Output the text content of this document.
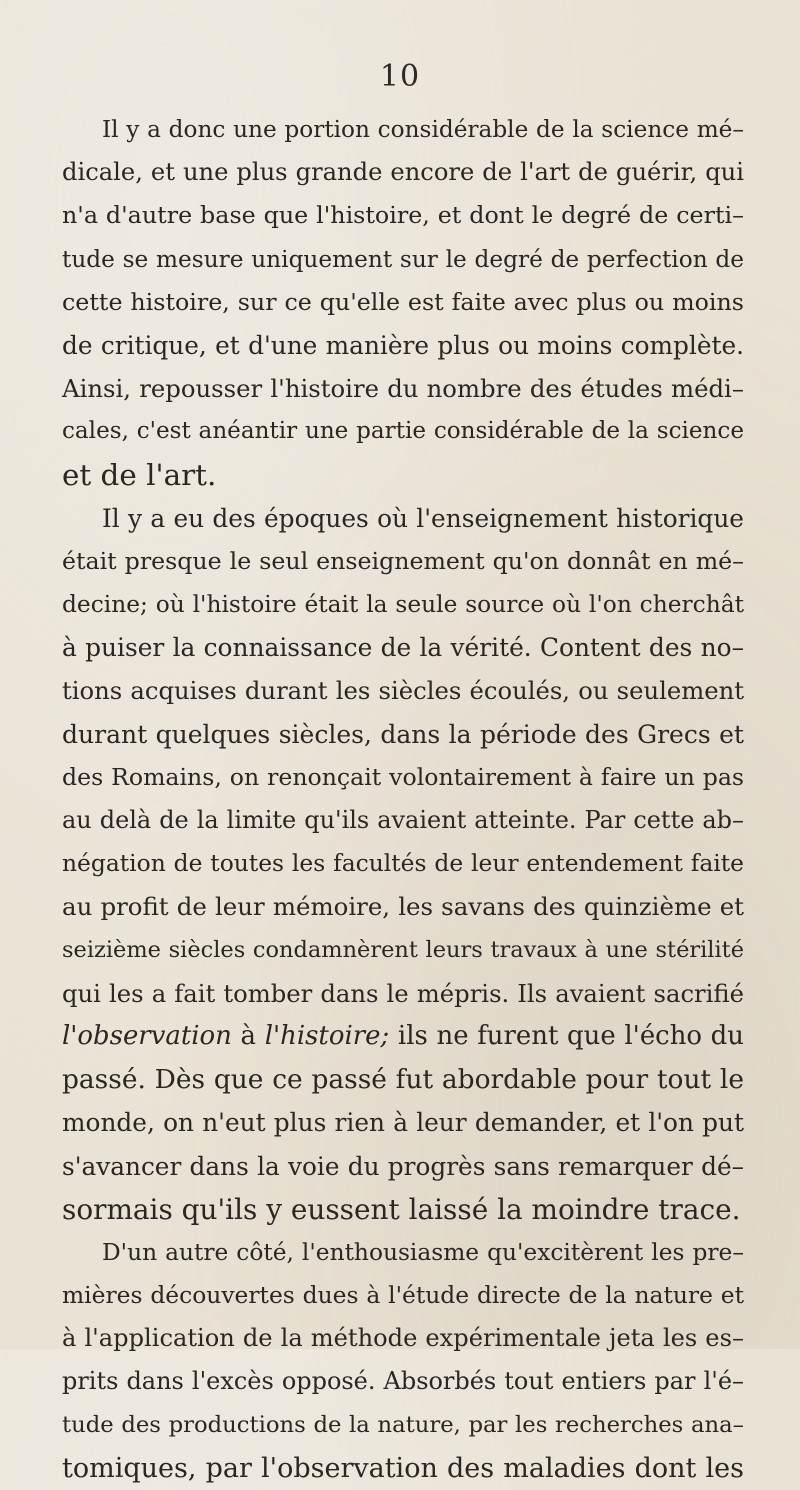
10
Il y a donc une portion considérable de la science mé–
dicale, et une plus grande encore de l'art de guérir, qui
n'a d'autre base que l'histoire, et dont le degré de certi–
tude se mesure uniquement sur le degré de perfection de
cette histoire, sur ce qu'elle est faite avec plus ou moins
de critique, et d'une manière plus ou moins complète.
Ainsi, repousser l'histoire du nombre des études médi–
cales, c'est anéantir une partie considérable de la science
et de l'art.
Il y a eu des époques où l'enseignement historique
était presque le seul enseignement qu'on donnât en mé–
decine; où l'histoire était la seule source où l'on cherchât
à puiser la connaissance de la vérité. Content des no–
tions acquises durant les siècles écoulés, ou seulement
durant quelques siècles, dans la période des Grecs et
des Romains, on renonçait volontairement à faire un pas
au delà de la limite qu'ils avaient atteinte. Par cette ab–
négation de toutes les facultés de leur entendement faite
au profit de leur mémoire, les savans des quinzième et
seizième siècles condamnèrent leurs travaux à une stérilité
qui les a fait tomber dans le mépris. Ils avaient sacrifié
l'observation à l'histoire; ils ne furent que l'écho du
passé. Dès que ce passé fut abordable pour tout le
monde, on n'eut plus rien à leur demander, et l'on put
s'avancer dans la voie du progrès sans remarquer dé–
sormais qu'ils y eussent laissé la moindre trace.
D'un autre côté, l'enthousiasme qu'excitèrent les pre–
mières découvertes dues à l'étude directe de la nature et
à l'application de la méthode expérimentale jeta les es–
prits dans l'excès opposé. Absorbés tout entiers par l'é–
tude des productions de la nature, par les recherches ana–
tomiques, par l'observation des maladies dont les
